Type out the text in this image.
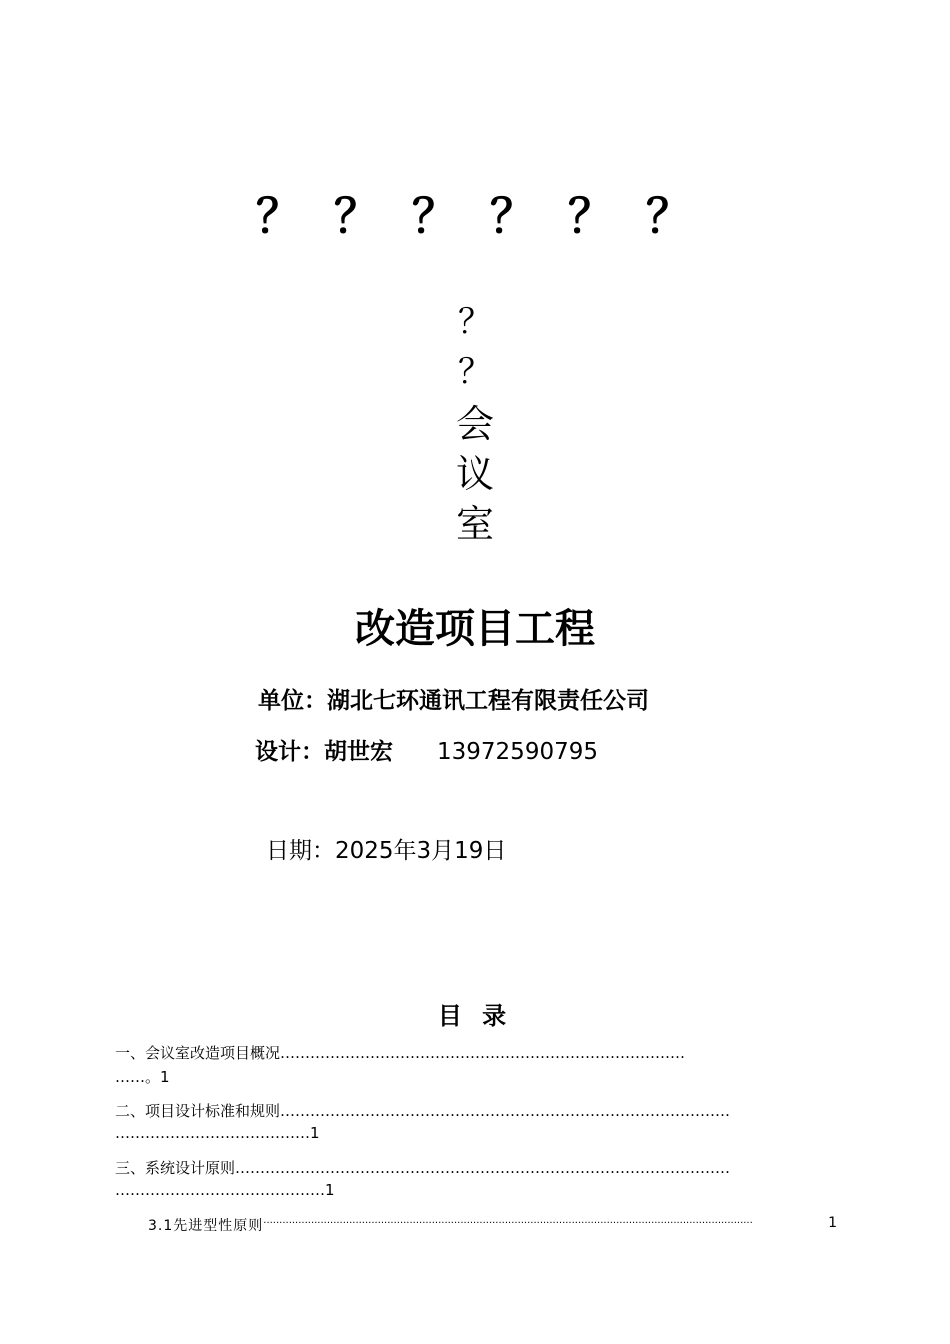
？ ？ ？ ？ ？ ？
？
？
会
议
室
改造项目工程
单位：湖北七环通讯工程有限责任公司
设计：胡世宏 13972590795
日期：2025年3月19日
目 录
一、会议室改造项目概况………………………………………………………………………
……。1
二、项目设计标准和规则………………………………………………………………………………
…………………………………1
三、系统设计原则………………………………………………………………………………………
……………………………………1
3.1先进型性原则 ..........................................................................................................................................................	1
